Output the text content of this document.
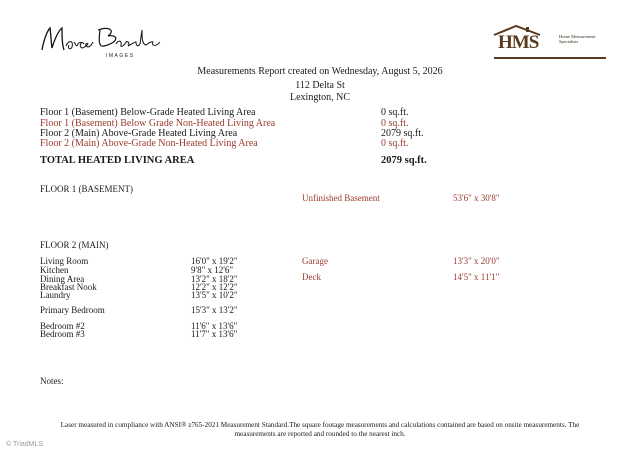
IMAGES
HMS	Home Measurement Specialists
Measurements Report created on Wednesday, August 5, 2026
112 Delta St
Lexington, NC
Floor 1 (Basement) Below-Grade Heated Living Area	0 sq.ft.
Floor 1 (Basement) Below Grade Non-Heated Living Area	0 sq.ft.
Floor 2 (Main) Above-Grade Heated Living Area	2079 sq.ft.
Floor 2 (Main) Above-Grade Non-Heated Living Area	0 sq.ft.
TOTAL HEATED LIVING AREA	2079 sq.ft.
FLOOR 1 (BASEMENT)
Unfinished Basement	53'6" x 30'8"
FLOOR 2 (MAIN)
Living Room	16'0" x 19'2"
Kitchen	9'8" x 12'6"
Dining Area	13'2" x 18'2"
Breakfast Nook	12'2" x 12'2"
Laundry	13'5" x 10'2"
Primary Bedroom	15'3" x 13'2"
Bedroom #2	11'6" x 13'6"
Bedroom #3	11'7" x 13'6"
Garage	13'3" x 20'0"
Deck	14'5" x 11'1"
Notes:
Laser measured in compliance with ANSI® z765-2021 Measurement Standard.The square footage measurements and calculations contained are based on onsite measurements. The measurements are reported and rounded to the nearest inch.
© TriadMLS
